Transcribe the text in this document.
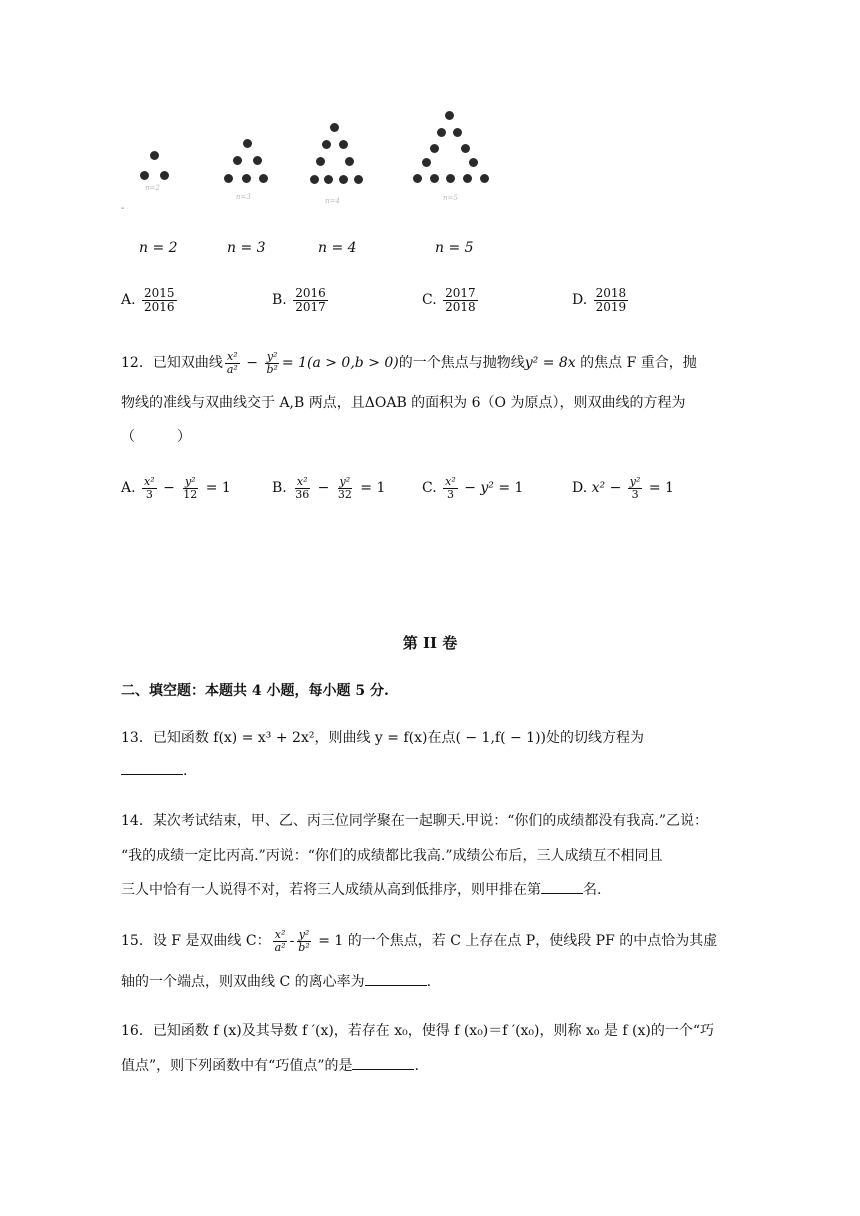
n=2
n=3	n=4	n=5
-
n = 2	n = 3	n = 4	n = 5
A. $\frac{2015}{2016}$	B. $\frac{2016}{2017}$	C. $\frac{2017}{2018}$	D. $\frac{2018}{2019}$
12．已知双曲线 $\frac{\text{x²}}{\text{a²}} - \frac{\text{y²}}{\text{b²}} = 1(a > 0,b > 0)$的一个焦点与抛物线y² = 8x 的焦点 F 重合，抛
物线的准线与双曲线交于 A,B 两点，且ΔOAB 的面积为 6（O 为原点），则双曲线的方程为
（　　　）
A. $\frac{\text{x²}}{3} - \frac{\text{y²}}{12} = 1$	B. $\frac{\text{x²}}{36} - \frac{\text{y²}}{32} = 1$	C. $\frac{\text{x²}}{3} - y^2 = 1$	D. $x^2 - \frac{\text{y²}}{3} = 1$
第 II 卷
二、填空题：本题共 4 小题，每小题 5 分.
13．已知函数 f(x) = x³ + 2x²，则曲线 y = f(x)在点( − 1,f( − 1))处的切线方程为
.
14．某次考试结束，甲、乙、丙三位同学聚在一起聊天.甲说：“你们的成绩都没有我高.”乙说：
“我的成绩一定比丙高.”丙说：“你们的成绩都比我高.”成绩公布后，三人成绩互不相同且
三人中恰有一人说得不对，若将三人成绩从高到低排序，则甲排在第	名.
15．设 F 是双曲线 C： $\frac{\text{x²}}{\text{a²}} - \frac{\text{y²}}{\text{b²}} = 1$ 的一个焦点，若 C 上存在点 P，使线段 PF 的中点恰为其虚
轴的一个端点，则双曲线 C 的离心率为	.
16．已知函数 f (x)及其导数 f ′(x)，若存在 x₀，使得 f (x₀)＝f ′(x₀)，则称 x₀ 是 f (x)的一个“巧
值点”，则下列函数中有“巧值点”的是	.
